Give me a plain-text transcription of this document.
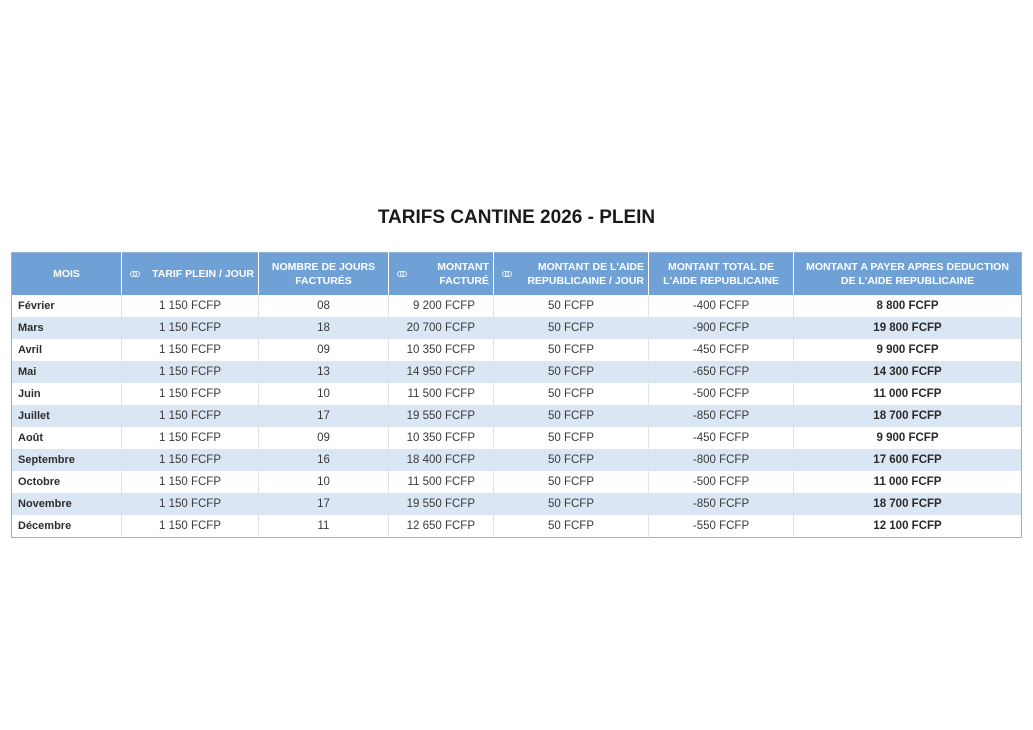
TARIFS CANTINE 2026 - PLEIN
MOIS	TARIF PLEIN / JOUR	NOMBRE DE JOURS FACTURÉS	MONTANT FACTURÉ	MONTANT DE L'AIDE REPUBLICAINE / JOUR	MONTANT TOTAL DE L'AIDE REPUBLICAINE	MONTANT A PAYER APRES DEDUCTION DE L'AIDE REPUBLICAINE

Février	1 150 FCFP	08	9 200 FCFP	50 FCFP	-400 FCFP	8 800 FCFP
Mars	1 150 FCFP	18	20 700 FCFP	50 FCFP	-900 FCFP	19 800 FCFP
Avril	1 150 FCFP	09	10 350 FCFP	50 FCFP	-450 FCFP	9 900 FCFP
Mai	1 150 FCFP	13	14 950 FCFP	50 FCFP	-650 FCFP	14 300 FCFP
Juin	1 150 FCFP	10	11 500 FCFP	50 FCFP	-500 FCFP	11 000 FCFP
Juillet	1 150 FCFP	17	19 550 FCFP	50 FCFP	-850 FCFP	18 700 FCFP
Août	1 150 FCFP	09	10 350 FCFP	50 FCFP	-450 FCFP	9 900 FCFP
Septembre	1 150 FCFP	16	18 400 FCFP	50 FCFP	-800 FCFP	17 600 FCFP
Octobre	1 150 FCFP	10	11 500 FCFP	50 FCFP	-500 FCFP	11 000 FCFP
Novembre	1 150 FCFP	17	19 550 FCFP	50 FCFP	-850 FCFP	18 700 FCFP
Décembre	1 150 FCFP	11	12 650 FCFP	50 FCFP	-550 FCFP	12 100 FCFP
